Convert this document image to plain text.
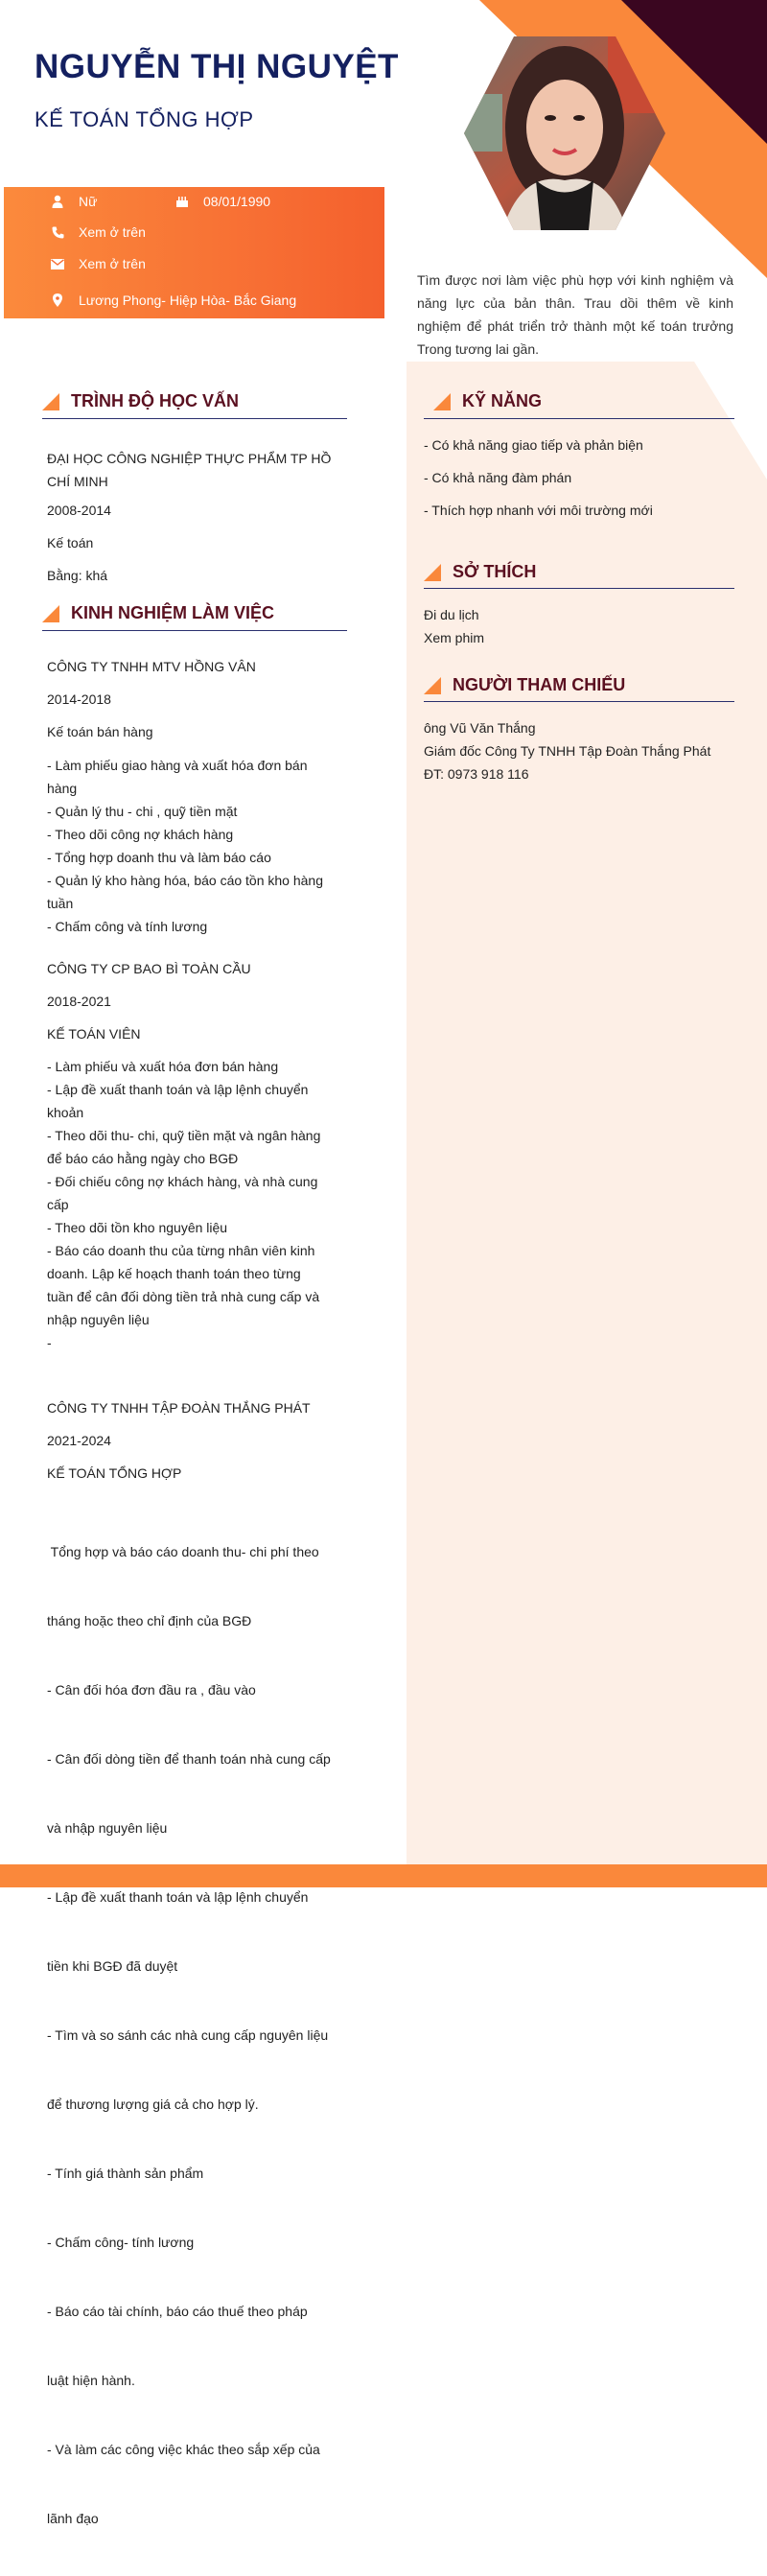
NGUYỄN THỊ NGUYỆT
KẾ TOÁN TỔNG HỢP
Nữ	08/01/1990
Xem ở trên
Xem ở trên
Lương Phong- Hiệp Hòa- Bắc Giang
Tìm được nơi làm việc phù hợp với kinh nghiệm và năng lực của bản thân. Trau dồi thêm về kinh nghiệm để phát triển trở thành một kế toán trưởng Trong tương lai gần.
TRÌNH ĐỘ HỌC VẤN
ĐẠI HỌC CÔNG NGHIỆP THỰC PHẨM TP HỒ
CHÍ MINH
2008-2014
Kế toán
Bằng: khá
KINH NGHIỆM LÀM VIỆC
CÔNG TY TNHH MTV HỒNG VÂN
2014-2018
Kế toán bán hàng
- Làm phiếu giao hàng và xuất hóa đơn bán
hàng
- Quản lý thu - chi , quỹ tiền mặt
- Theo dõi công nợ khách hàng
- Tổng hợp doanh thu và làm báo cáo
- Quản lý kho hàng hóa, báo cáo tồn kho hàng
tuần
- Chấm công và tính lương
CÔNG TY CP BAO BÌ TOÀN CẦU
2018-2021
KẾ TOÁN VIÊN
- Làm phiếu và xuất hóa đơn bán hàng
- Lập đề xuất thanh toán và lập lệnh chuyển
khoản
- Theo dõi thu- chi, quỹ tiền mặt và ngân hàng
để báo cáo hằng ngày cho BGĐ
- Đối chiếu công nợ khách hàng, và nhà cung
cấp
- Theo dõi tồn kho nguyên liệu
- Báo cáo doanh thu của từng nhân viên kinh
doanh. Lập kế hoạch thanh toán theo từng
tuần để cân đối dòng tiền trả nhà cung cấp và
nhập nguyên liệu
-
CÔNG TY TNHH TẬP ĐOÀN THẮNG PHÁT
2021-2024
KẾ TOÁN TỔNG HỢP

Tổng hợp và báo cáo doanh thu- chi phí theo

tháng hoặc theo chỉ định của BGĐ

- Cân đối hóa đơn đầu ra , đầu vào

- Cân đối dòng tiền để thanh toán nhà cung cấp

và nhập nguyên liệu

- Lập đề xuất thanh toán và lập lệnh chuyển

tiền khi BGĐ đã duyệt

- Tìm và so sánh các nhà cung cấp nguyên liệu

để thương lượng giá cả cho hợp lý.

- Tính giá thành sản phẩm

- Chấm công- tính lương

- Báo cáo tài chính, báo cáo thuế theo pháp

luật hiện hành.

- Và làm các công việc khác theo sắp xếp của

lãnh đạo

KỸ NĂNG
- Có khả năng giao tiếp và phản biện
- Có khả năng đàm phán
- Thích hợp nhanh với môi trường mới
SỞ THÍCH
Đi du lịch
Xem phim
NGƯỜI THAM CHIẾU
ông Vũ Văn Thắng
Giám đốc Công Ty TNHH Tập Đoàn Thắng Phát
ĐT: 0973 918 116
